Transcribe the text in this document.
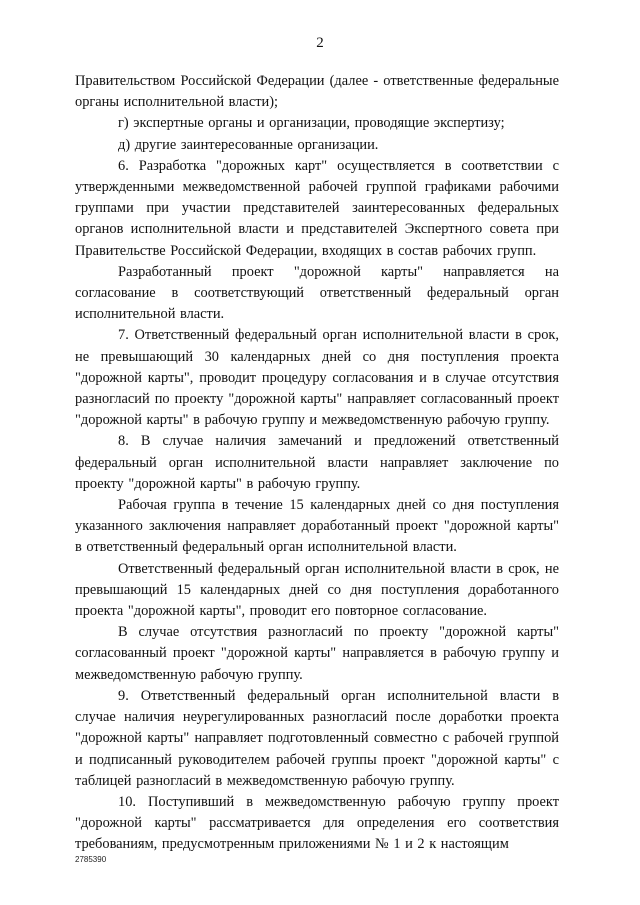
2

Правительством Российской Федерации (далее - ответственные федеральные органы исполнительной власти);

г) экспертные органы и организации, проводящие экспертизу;

д) другие заинтересованные организации.

6. Разработка "дорожных карт" осуществляется в соответствии с утвержденными межведомственной рабочей группой графиками рабочими группами при участии представителей заинтересованных федеральных органов исполнительной власти и представителей Экспертного совета при Правительстве Российской Федерации, входящих в состав рабочих групп.

Разработанный проект "дорожной карты" направляется на согласование в соответствующий ответственный федеральный орган исполнительной власти.

7. Ответственный федеральный орган исполнительной власти в срок, не превышающий 30 календарных дней со дня поступления проекта "дорожной карты", проводит процедуру согласования и в случае отсутствия разногласий по проекту "дорожной карты" направляет согласованный проект "дорожной карты" в рабочую группу и межведомственную рабочую группу.

8. В случае наличия замечаний и предложений ответственный федеральный орган исполнительной власти направляет заключение по проекту "дорожной карты" в рабочую группу.

Рабочая группа в течение 15 календарных дней со дня поступления указанного заключения направляет доработанный проект "дорожной карты" в ответственный федеральный орган исполнительной власти.

Ответственный федеральный орган исполнительной власти в срок, не превышающий 15 календарных дней со дня поступления доработанного проекта "дорожной карты", проводит его повторное согласование.

В случае отсутствия разногласий по проекту "дорожной карты" согласованный проект "дорожной карты" направляется в рабочую группу и межведомственную рабочую группу.

9. Ответственный федеральный орган исполнительной власти в случае наличия неурегулированных разногласий после доработки проекта "дорожной карты" направляет подготовленный совместно с рабочей группой и подписанный руководителем рабочей группы проект "дорожной карты" с таблицей разногласий в межведомственную рабочую группу.

10. Поступивший в межведомственную рабочую группу проект "дорожной карты" рассматривается для определения его соответствия требованиям, предусмотренным приложениями № 1 и 2 к настоящим

2785390
